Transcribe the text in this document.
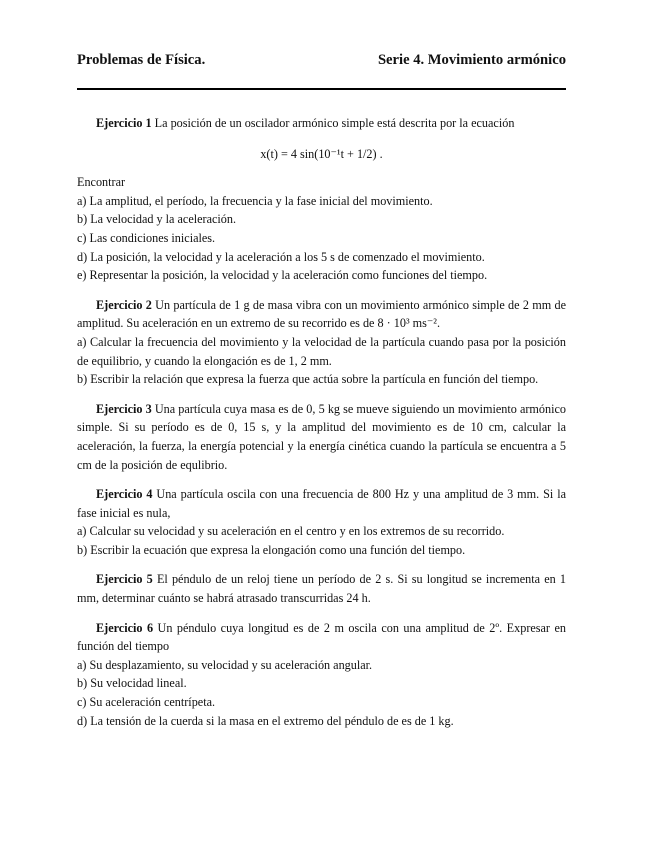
Problemas de Física.	Serie 4. Movimiento armónico

Ejercicio 1 La posición de un oscilador armónico simple está descrita por la ecuación

x(t) = 4 sin(10⁻¹t + 1/2) .

Encontrar

a) La amplitud, el período, la frecuencia y la fase inicial del movimiento.

b) La velocidad y la aceleración.

c) Las condiciones iniciales.

d) La posición, la velocidad y la aceleración a los 5 s de comenzado el movimiento.

e) Representar la posición, la velocidad y la aceleración como funciones del tiempo.

Ejercicio 2 Un partícula de 1 g de masa vibra con un movimiento armónico simple de 2 mm de amplitud. Su aceleración en un extremo de su recorrido es de 8 · 10³ ms⁻².

a) Calcular la frecuencia del movimiento y la velocidad de la partícula cuando pasa por la posición de equilibrio, y cuando la elongación es de 1, 2 mm.

b) Escribir la relación que expresa la fuerza que actúa sobre la partícula en función del tiempo.

Ejercicio 3 Una partícula cuya masa es de 0, 5 kg se mueve siguiendo un movimiento armónico simple. Si su período es de 0, 15 s, y la amplitud del movimiento es de 10 cm, calcular la aceleración, la fuerza, la energía potencial y la energía cinética cuando la partícula se encuentra a 5 cm de la posición de equlibrio.

Ejercicio 4 Una partícula oscila con una frecuencia de 800 Hz y una amplitud de 3 mm. Si la fase inicial es nula,

a) Calcular su velocidad y su aceleración en el centro y en los extremos de su recorrido.

b) Escribir la ecuación que expresa la elongación como una función del tiempo.

Ejercicio 5 El péndulo de un reloj tiene un período de 2 s. Si su longitud se incrementa en 1 mm, determinar cuánto se habrá atrasado transcurridas 24 h.

Ejercicio 6 Un péndulo cuya longitud es de 2 m oscila con una amplitud de 2º. Expresar en función del tiempo

a) Su desplazamiento, su velocidad y su aceleración angular.

b) Su velocidad lineal.

c) Su aceleración centrípeta.

d) La tensión de la cuerda si la masa en el extremo del péndulo de es de 1 kg.
